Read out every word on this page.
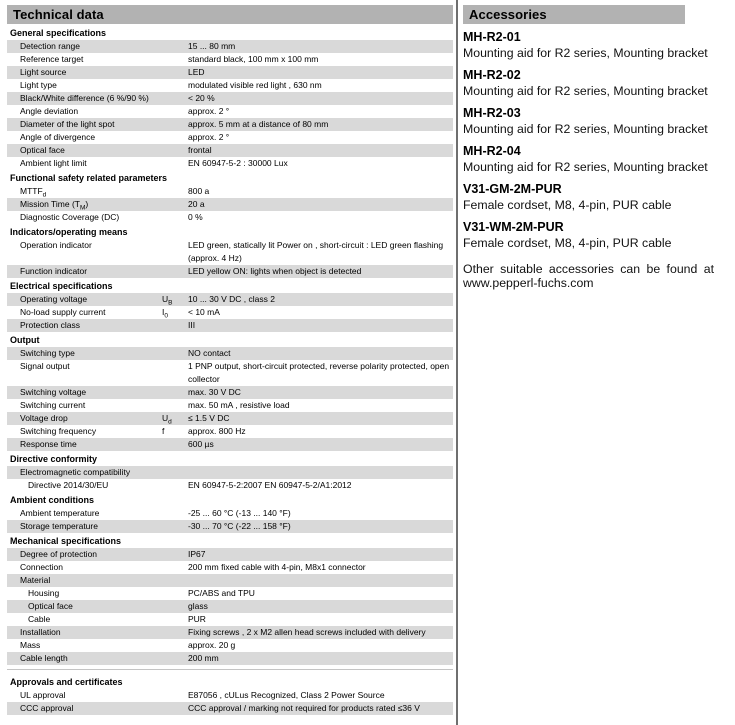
Technical data
General specifications
Detection range	15 ... 80 mm
Reference target	standard black, 100 mm x 100 mm
Light source	LED
Light type	modulated visible red light , 630 nm
Black/White difference (6 %/90 %)	< 20 %
Angle deviation	approx. 2 °
Diameter of the light spot	approx. 5 mm at a distance of 80 mm
Angle of divergence	approx. 2 °
Optical face	frontal
Ambient light limit	EN 60947-5-2 : 30000 Lux
Functional safety related parameters
$MTTF_d$	800 a
Mission Time $(T_M)$	20 a
Diagnostic Coverage (DC)	0 %
Indicators/operating means
Operation indicator	LED green, statically lit Power on , short-circuit : LED green flashing (approx. 4 Hz)
Function indicator	LED yellow ON: lights when object is detected
Electrical specifications
Operating voltage	$U_B$	10 ... 30 V DC , class 2
No-load supply current	$I_0$	< 10 mA
Protection class	III
Output
Switching type	NO contact
Signal output	1 PNP output, short-circuit protected, reverse polarity protected, open collector
Switching voltage	max. 30 V DC
Switching current	max. 50 mA , resistive load
Voltage drop	$U_d$	≤ 1.5 V DC
Switching frequency	f	approx. 800 Hz
Response time	600 µs
Directive conformity
Electromagnetic compatibility
Directive 2014/30/EU	EN 60947-5-2:2007 EN 60947-5-2/A1:2012
Ambient conditions
Ambient temperature	-25 ... 60 °C (-13 ... 140 °F)
Storage temperature	-30 ... 70 °C (-22 ... 158 °F)
Mechanical specifications
Degree of protection	IP67
Connection	200 mm fixed cable with 4-pin, M8x1 connector
Material
Housing	PC/ABS and TPU
Optical face	glass
Cable	PUR
Installation	Fixing screws , 2 x M2 allen head screws included with delivery
Mass	approx. 20 g
Cable length	200 mm
Approvals and certificates
UL approval	E87056 , cULus Recognized, Class 2 Power Source
CCC approval	CCC approval / marking not required for products rated ≤36 V
Accessories
MH-R2-01
Mounting aid for R2 series, Mounting bracket
MH-R2-02
Mounting aid for R2 series, Mounting bracket
MH-R2-03
Mounting aid for R2 series, Mounting bracket
MH-R2-04
Mounting aid for R2 series, Mounting bracket
V31-GM-2M-PUR
Female cordset, M8, 4-pin, PUR cable
V31-WM-2M-PUR
Female cordset, M8, 4-pin, PUR cable
Other suitable accessories can be found at www.pepperl-fuchs.com
